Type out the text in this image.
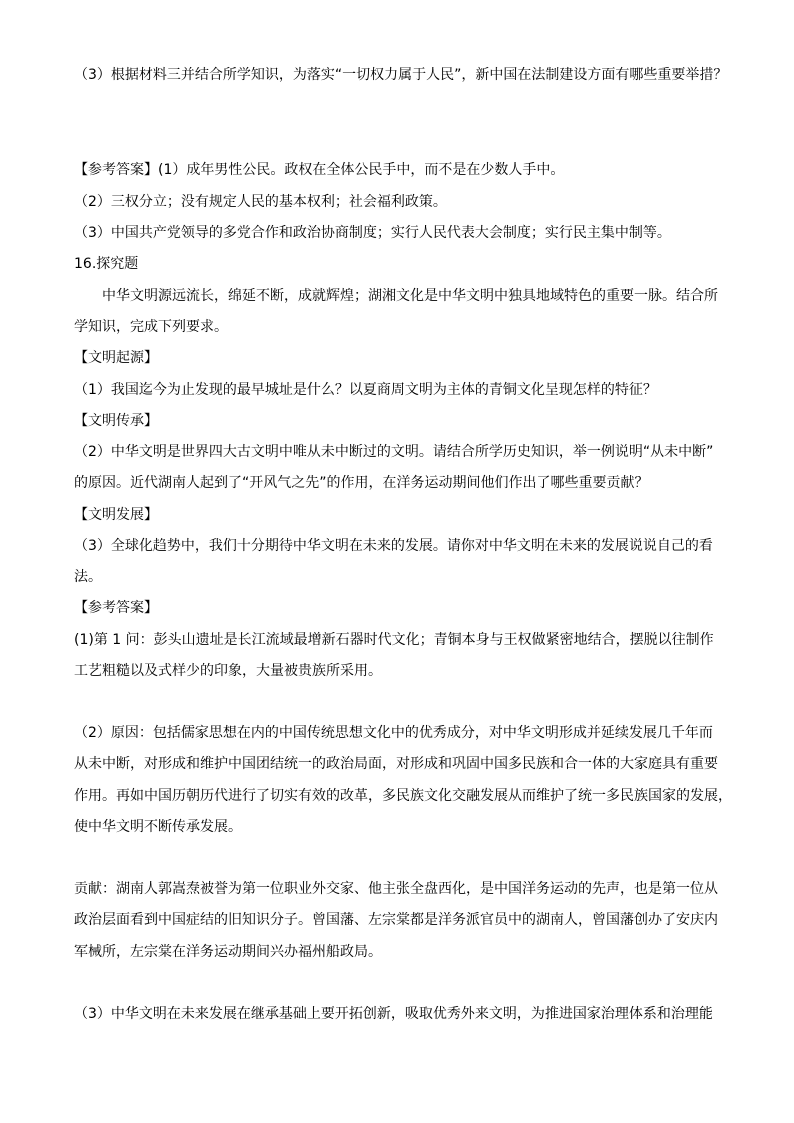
（3）根据材料三并结合所学知识，为落实“一切权力属于人民”，新中国在法制建设方面有哪些重要举措？

【参考答案】(1）成年男性公民。政权在全体公民手中，而不是在少数人手中。

（2）三权分立；没有规定人民的基本权利；社会福利政策。

（3）中国共产党领导的多党合作和政治协商制度；实行人民代表大会制度；实行民主集中制等。

16.探究题

中华文明源远流长，绵延不断，成就辉煌；湖湘文化是中华文明中独具地域特色的重要一脉。结合所

学知识，完成下列要求。

【文明起源】

（1）我国迄今为止发现的最早城址是什么？以夏商周文明为主体的青铜文化呈现怎样的特征？

【文明传承】

（2）中华文明是世界四大古文明中唯从未中断过的文明。请结合所学历史知识，举一例说明“从未中断”

的原因。近代湖南人起到了“开风气之先”的作用，在洋务运动期间他们作出了哪些重要贡献？

【文明发展】

（3）全球化趋势中，我们十分期待中华文明在未来的发展。请你对中华文明在未来的发展说说自己的看

法。

【参考答案】

(1)第 1 问：彭头山遗址是长江流域最增新石器时代文化；青铜本身与王权做紧密地结合，摆脱以往制作

工艺粗糙以及式样少的印象，大量被贵族所采用。

（2）原因：包括儒家思想在内的中国传统思想文化中的优秀成分，对中华文明形成并延续发展几千年而

从未中断，对形成和维护中国团结统一的政治局面，对形成和巩固中国多民族和合一体的大家庭具有重要

作用。再如中国历朝历代进行了切实有效的改革，多民族文化交融发展从而维护了统一多民族国家的发展，

使中华文明不断传承发展。

贡献：湖南人郭嵩焘被誉为第一位职业外交家、他主张全盘西化，是中国洋务运动的先声，也是第一位从

政治层面看到中国症结的旧知识分子。曾国藩、左宗棠都是洋务派官员中的湖南人，曾国藩创办了安庆内

军械所，左宗棠在洋务运动期间兴办福州船政局。

（3）中华文明在未来发展在继承基础上要开拓创新，吸取优秀外来文明，为推进国家治理体系和治理能
